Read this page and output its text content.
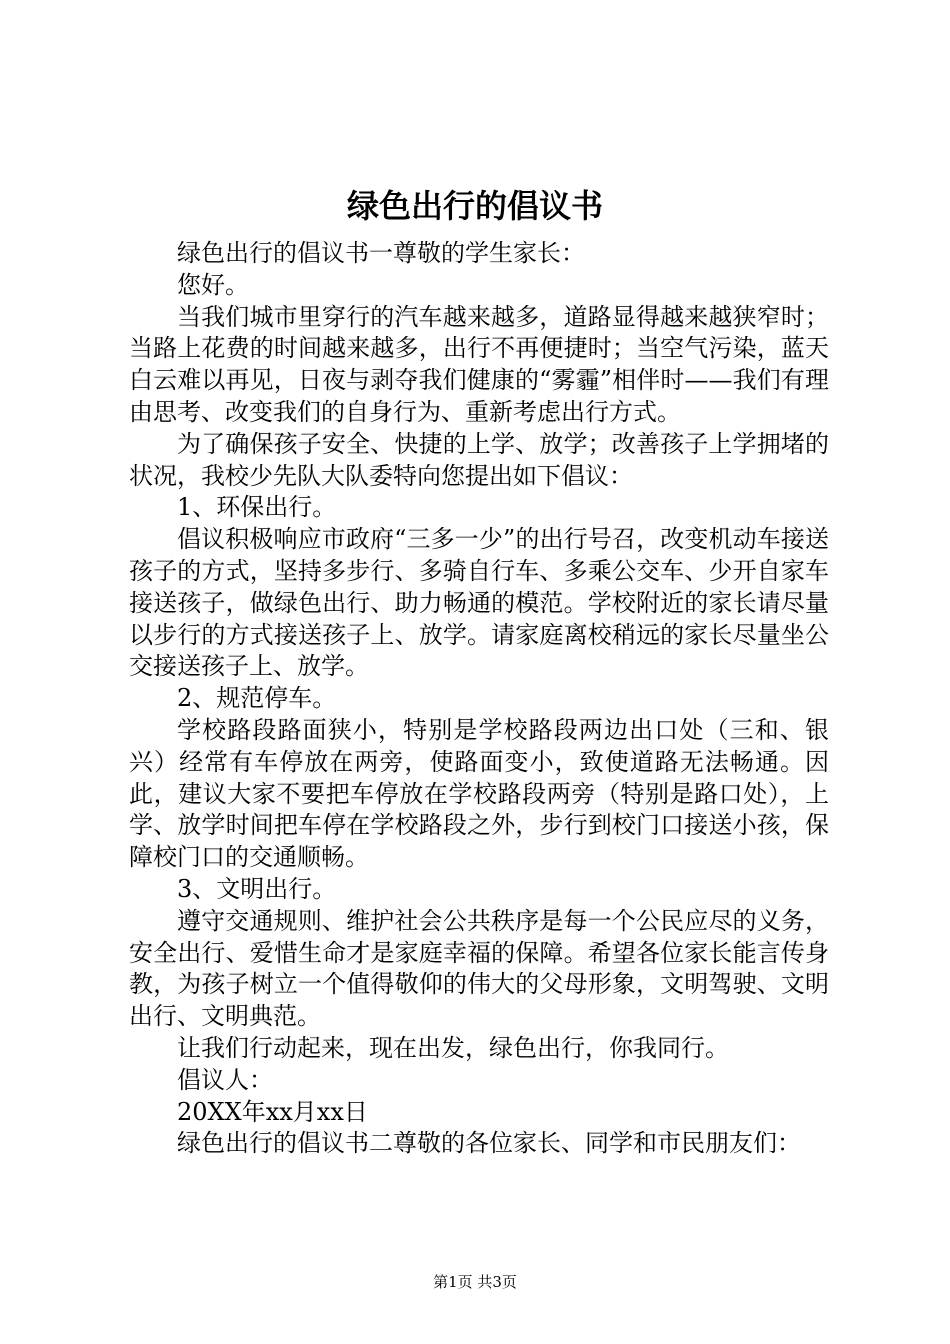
绿色出行的倡议书

绿色出行的倡议书一尊敬的学生家长：

您好。

当我们城市里穿行的汽车越来越多，道路显得越来越狭窄时；当路上花费的时间越来越多，出行不再便捷时；当空气污染，蓝天白云难以再见，日夜与剥夺我们健康的“雾霾”相伴时——我们有理由思考、改变我们的自身行为、重新考虑出行方式。

为了确保孩子安全、快捷的上学、放学；改善孩子上学拥堵的状况，我校少先队大队委特向您提出如下倡议：

1、环保出行。

倡议积极响应市政府“三多一少”的出行号召，改变机动车接送孩子的方式，坚持多步行、多骑自行车、多乘公交车、少开自家车接送孩子，做绿色出行、助力畅通的模范。学校附近的家长请尽量以步行的方式接送孩子上、放学。请家庭离校稍远的家长尽量坐公交接送孩子上、放学。

2、规范停车。

学校路段路面狭小，特别是学校路段两边出口处（三和、银兴）经常有车停放在两旁，使路面变小，致使道路无法畅通。因此，建议大家不要把车停放在学校路段两旁（特别是路口处），上学、放学时间把车停在学校路段之外，步行到校门口接送小孩，保障校门口的交通顺畅。

3、文明出行。

遵守交通规则、维护社会公共秩序是每一个公民应尽的义务，安全出行、爱惜生命才是家庭幸福的保障。希望各位家长能言传身教，为孩子树立一个值得敬仰的伟大的父母形象，文明驾驶、文明出行、文明典范。

让我们行动起来，现在出发，绿色出行，你我同行。

倡议人：

20XX年xx月xx日

绿色出行的倡议书二尊敬的各位家长、同学和市民朋友们：

第1页 共3页
